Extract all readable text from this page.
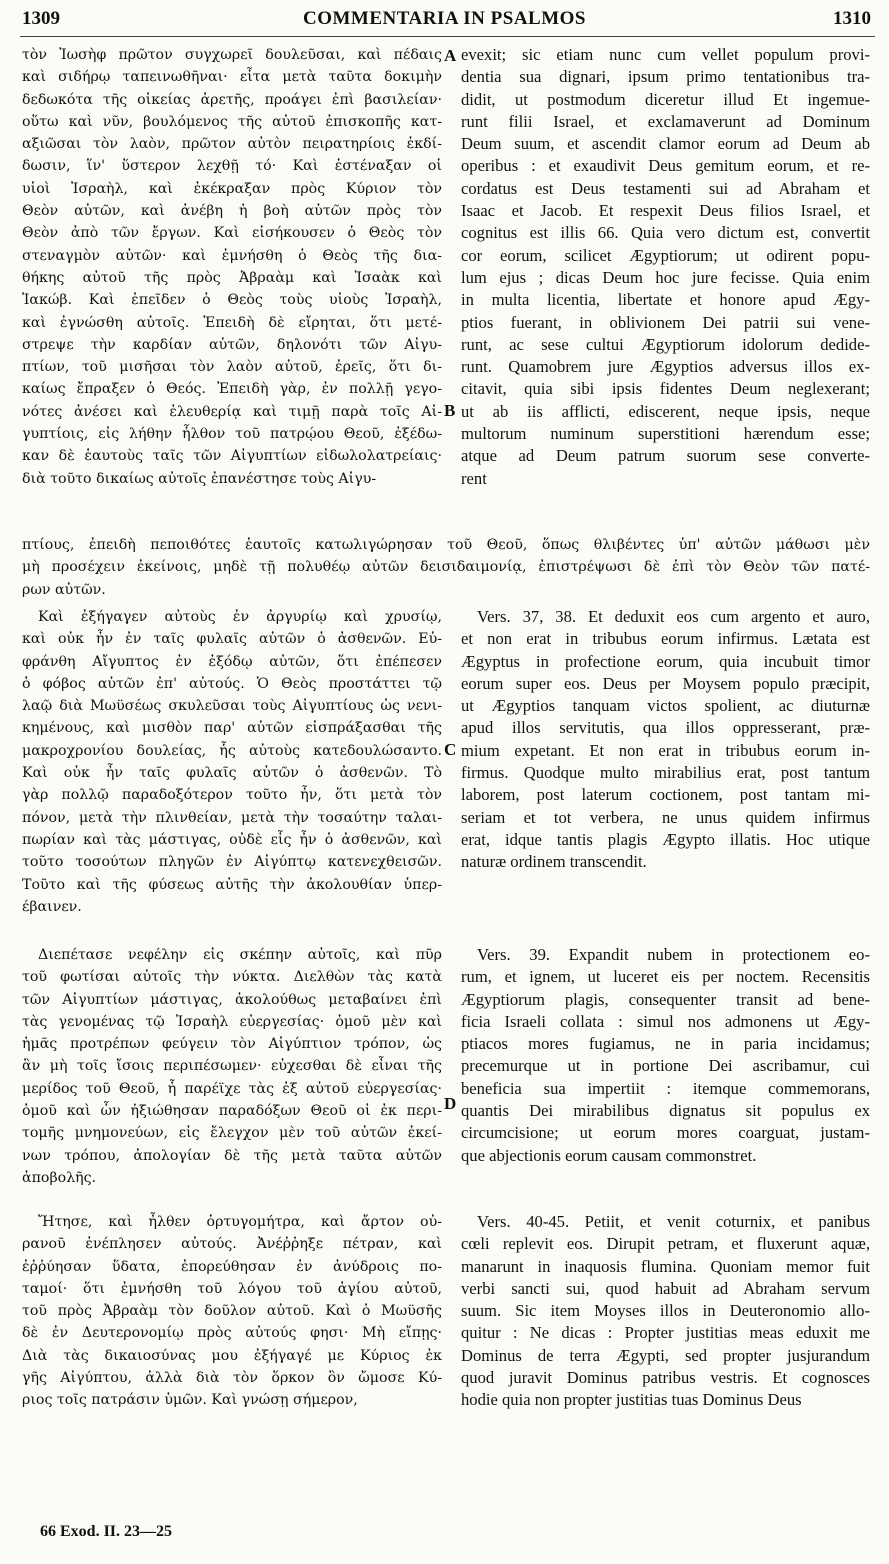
1309	COMMENTARIA IN PSALMOS	1310
τὸν Ἰωσὴφ πρῶτον συγχωρεῖ δουλεῦσαι, καὶ πέδαις
καὶ σιδήρῳ ταπεινωθῆναι· εἶτα μετὰ ταῦτα δοκιμὴν
δεδωκότα τῆς οἰκείας ἀρετῆς, προάγει ἐπὶ βασιλείαν·
οὕτω καὶ νῦν, βουλόμενος τῆς αὐτοῦ ἐπισκοπῆς κατ-
αξιῶσαι τὸν λαὸν, πρῶτον αὐτὸν πειρατηρίοις ἐκδί-
δωσιν, ἵν' ὕστερον λεχθῇ τό· Καὶ ἐστέναξαν οἱ
υἱοὶ Ἰσραὴλ, καὶ ἐκέκραξαν πρὸς Κύριον τὸν
Θεὸν αὐτῶν, καὶ ἀνέβη ἡ βοὴ αὐτῶν πρὸς τὸν
Θεὸν ἀπὸ τῶν ἔργων. Καὶ εἰσήκουσεν ὁ Θεὸς τὸν
στεναγμὸν αὐτῶν· καὶ ἐμνήσθη ὁ Θεὸς τῆς δια-
θήκης αὐτοῦ τῆς πρὸς Ἀβραὰμ καὶ Ἰσαὰκ καὶ
Ἰακώβ. Καὶ ἐπεῖδεν ὁ Θεὸς τοὺς υἱοὺς Ἰσραὴλ,
καὶ ἐγνώσθη αὐτοῖς. Ἐπειδὴ δὲ εἴρηται, ὅτι μετέ-
στρεψε τὴν καρδίαν αὐτῶν, δηλονότι τῶν Αἰγυ-
πτίων, τοῦ μισῆσαι τὸν λαὸν αὐτοῦ, ἐρεῖς, ὅτι δι-
καίως ἔπραξεν ὁ Θεός. Ἐπειδὴ γὰρ, ἐν πολλῇ γεγο-
νότες ἀνέσει καὶ ἐλευθερίᾳ καὶ τιμῇ παρὰ τοῖς Αἰ-
γυπτίοις, εἰς λήθην ἦλθον τοῦ πατρῴου Θεοῦ, ἐξέδω-
καν δὲ ἑαυτοὺς ταῖς τῶν Αἰγυπτίων εἰδωλολατρείαις·
διὰ τοῦτο δικαίως αὐτοῖς ἐπανέστησε τοὺς Αἰγυ-
evexit; sic etiam nunc cum vellet populum provi-
dentia sua dignari, ipsum primo tentationibus tra-
didit, ut postmodum diceretur illud Et ingemue-
runt filii Israel, et exclamaverunt ad Dominum
Deum suum, et ascendit clamor eorum ad Deum ab
operibus : et exaudivit Deus gemitum eorum, et re-
cordatus est Deus testamenti sui ad Abraham et
Isaac et Jacob. Et respexit Deus filios Israel, et
cognitus est illis 66. Quia vero dictum est, convertit
cor eorum, scilicet Ægyptiorum; ut odirent popu-
lum ejus ; dicas Deum hoc jure fecisse. Quia enim
in multa licentia, libertate et honore apud Ægy-
ptios fuerant, in oblivionem Dei patrii sui vene-
runt, ac sese cultui Ægyptiorum idolorum dedide-
runt. Quamobrem jure Ægyptios adversus illos ex-
citavit, quia sibi ipsis fidentes Deum neglexerant;
ut ab iis afflicti, ediscerent, neque ipsis, neque
multorum numinum superstitioni hærendum esse;
atque ad Deum patrum suorum sese converte-
rent
πτίους, ἐπειδὴ πεποιθότες ἑαυτοῖς κατωλιγώρησαν τοῦ Θεοῦ, ὅπως θλιβέντες ὑπ' αὐτῶν μάθωσι μὲν
μὴ προσέχειν ἐκείνοις, μηδὲ τῇ πολυθέῳ αὐτῶν δεισιδαιμονίᾳ, ἐπιστρέψωσι δὲ ἐπὶ τὸν Θεὸν τῶν πατέ-
ρων αὐτῶν.
Καὶ ἐξήγαγεν αὐτοὺς ἐν ἀργυρίῳ καὶ χρυσίῳ,
καὶ οὐκ ἦν ἐν ταῖς φυλαῖς αὐτῶν ὁ ἀσθενῶν. Εὐ-
φράνθη Αἴγυπτος ἐν ἐξόδῳ αὐτῶν, ὅτι ἐπέπεσεν
ὁ φόβος αὐτῶν ἐπ' αὐτούς. Ὁ Θεὸς προστάττει τῷ
λαῷ διὰ Μωϋσέως σκυλεῦσαι τοὺς Αἰγυπτίους ὡς νενι-
κημένους, καὶ μισθὸν παρ' αὐτῶν εἰσπράξασθαι τῆς
μακροχρονίου δουλείας, ἧς αὐτοὺς κατεδουλώσαντο.
Καὶ οὐκ ἦν ταῖς φυλαῖς αὐτῶν ὁ ἀσθενῶν. Τὸ
γὰρ πολλῷ παραδοξότερον τοῦτο ἦν, ὅτι μετὰ τὸν
πόνον, μετὰ τὴν πλινθείαν, μετὰ τὴν τοσαύτην ταλαι-
πωρίαν καὶ τὰς μάστιγας, οὐδὲ εἷς ἦν ὁ ἀσθενῶν, καὶ
τοῦτο τοσούτων πληγῶν ἐν Αἰγύπτῳ κατενεχθεισῶν.
Τοῦτο καὶ τῆς φύσεως αὐτῆς τὴν ἀκολουθίαν ὑπερ-
έβαινεν.
Vers. 37, 38. Et deduxit eos cum argento et auro,
et non erat in tribubus eorum infirmus. Lætata est
Ægyptus in profectione eorum, quia incubuit timor
eorum super eos. Deus per Moysem populo præcipit,
ut Ægyptios tanquam victos spolient, ac diuturnæ
apud illos servitutis, qua illos oppresserant, præ-
mium expetant. Et non erat in tribubus eorum in-
firmus. Quodque multo mirabilius erat, post tantum
laborem, post laterum coctionem, post tantam mi-
seriam et tot verbera, ne unus quidem infirmus
erat, idque tantis plagis Ægypto illatis. Hoc utique
naturæ ordinem transcendit.
Διεπέτασε νεφέλην εἰς σκέπην αὐτοῖς, καὶ πῦρ
τοῦ φωτίσαι αὐτοῖς τὴν νύκτα. Διελθὼν τὰς κατὰ
τῶν Αἰγυπτίων μάστιγας, ἀκολούθως μεταβαίνει ἐπὶ
τὰς γενομένας τῷ Ἰσραὴλ εὐεργεσίας· ὁμοῦ μὲν καὶ
ἡμᾶς προτρέπων φεύγειν τὸν Αἰγύπτιον τρόπον, ὡς
ἂν μὴ τοῖς ἴσοις περιπέσωμεν· εὐχεσθαι δὲ εἶναι τῆς
μερίδος τοῦ Θεοῦ, ἧ παρέϊχε τὰς ἐξ αὐτοῦ εὐεργεσίας·
ὁμοῦ καὶ ὧν ἠξιώθησαν παραδόξων Θεοῦ οἱ ἐκ περι-
τομῆς μνημονεύων, εἰς ἔλεγχον μὲν τοῦ αὐτῶν ἐκεί-
νων τρόπου, ἀπολογίαν δὲ τῆς μετὰ ταῦτα αὐτῶν
ἀποβολῆς.
Vers. 39. Expandit nubem in protectionem eo-
rum, et ignem, ut luceret eis per noctem. Recensitis
Ægyptiorum plagis, consequenter transit ad bene-
ficia Israeli collata : simul nos admonens ut Ægy-
ptiacos mores fugiamus, ne in paria incidamus;
precemurque ut in portione Dei ascribamur, cui
beneficia sua impertiit : itemque commemorans,
quantis Dei mirabilibus dignatus sit populus ex
circumcisione; ut eorum mores coarguat, justam-
que abjectionis eorum causam commonstret.
Ἤτησε, καὶ ἦλθεν ὀρτυγομήτρα, καὶ ἄρτον οὐ-
ρανοῦ ἐνέπλησεν αὐτούς. Ἀνέῤῥηξε πέτραν, καὶ
ἐῤῥύησαν ὕδατα, ἐπορεύθησαν ἐν ἀνύδροις πο-
ταμοί· ὅτι ἐμνήσθη τοῦ λόγου τοῦ ἁγίου αὐτοῦ,
τοῦ πρὸς Ἀβραὰμ τὸν δοῦλον αὐτοῦ. Καὶ ὁ Μωϋσῆς
δὲ ἐν Δευτερονομίῳ πρὸς αὐτούς φησι· Μὴ εἴπῃς·
Διὰ τὰς δικαιοσύνας μου ἐξήγαγέ με Κύριος ἐκ
γῆς Αἰγύπτου, ἀλλὰ διὰ τὸν ὅρκον ὃν ὤμοσε Κύ-
ριος τοῖς πατράσιν ὑμῶν. Καὶ γνώσῃ σήμερον,
Vers. 40-45. Petiit, et venit coturnix, et panibus
cœli replevit eos. Dirupit petram, et fluxerunt aquæ,
manarunt in inaquosis flumina. Quoniam memor fuit
verbi sancti sui, quod habuit ad Abraham servum
suum. Sic item Moyses illos in Deuteronomio allo-
quitur : Ne dicas : Propter justitias meas eduxit me
Dominus de terra Ægypti, sed propter jusjurandum
quod juravit Dominus patribus vestris. Et cognosces
hodie quia non propter justitias tuas Dominus Deus
A
B
C
D
66 Exod. II. 23—25
